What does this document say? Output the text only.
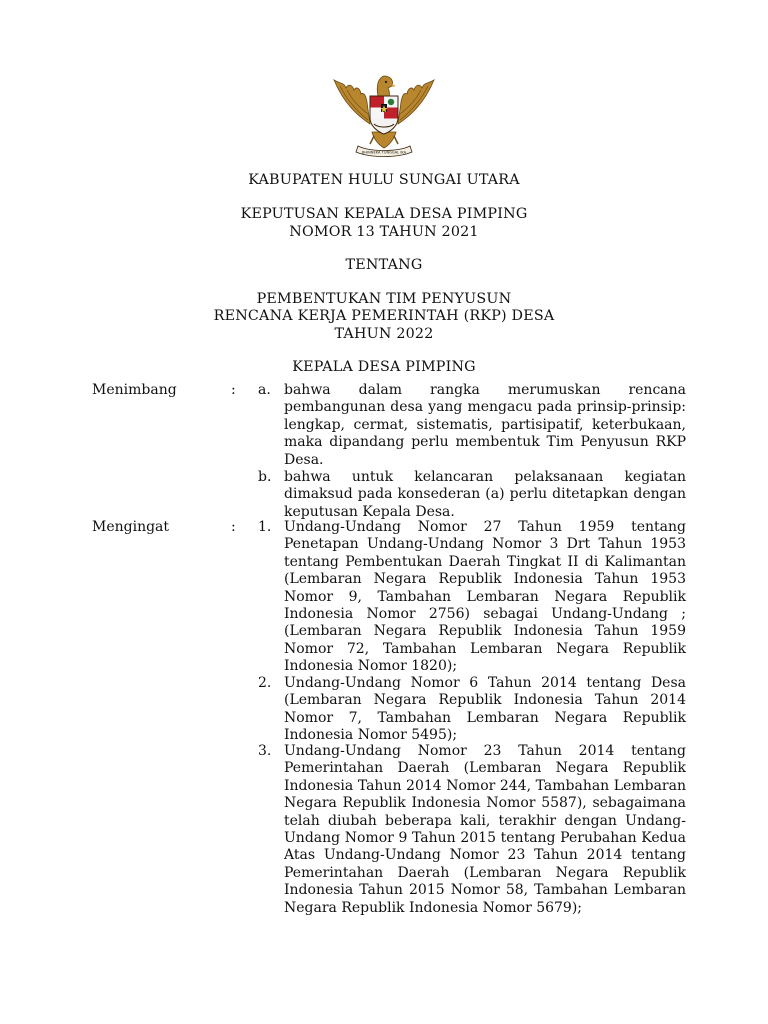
BHINNEKA TUNGGAL IKA
KABUPATEN HULU SUNGAI UTARA
KEPUTUSAN KEPALA DESA PIMPING
NOMOR 13 TAHUN 2021
TENTANG
PEMBENTUKAN TIM PENYUSUN
RENCANA KERJA PEMERINTAH (RKP) DESA
TAHUN 2022
KEPALA DESA PIMPING
Menimbang	: a. bahwa dalam rangka merumuskan rencana pembangunan desa yang mengacu pada prinsip-prinsip: lengkap, cermat, sistematis, partisipatif, keterbukaan, maka dipandang perlu membentuk Tim Penyusun RKP Desa.
b. bahwa untuk kelancaran pelaksanaan kegiatan dimaksud pada konsederan (a) perlu ditetapkan dengan keputusan Kepala Desa.
Mengingat	: 1. Undang-Undang Nomor 27 Tahun 1959 tentang Penetapan Undang-Undang Nomor 3 Drt Tahun 1953 tentang Pembentukan Daerah Tingkat II di Kalimantan (Lembaran Negara Republik Indonesia Tahun 1953 Nomor 9, Tambahan Lembaran Negara Republik Indonesia Nomor 2756) sebagai Undang-Undang ; (Lembaran Negara Republik Indonesia Tahun 1959 Nomor 72, Tambahan Lembaran Negara Republik Indonesia Nomor 1820);
2. Undang-Undang Nomor 6 Tahun 2014 tentang Desa (Lembaran Negara Republik Indonesia Tahun 2014 Nomor 7, Tambahan Lembaran Negara Republik Indonesia Nomor 5495);
3. Undang-Undang Nomor 23 Tahun 2014 tentang Pemerintahan Daerah (Lembaran Negara Republik Indonesia Tahun 2014 Nomor 244, Tambahan Lembaran Negara Republik Indonesia Nomor 5587), sebagaimana telah diubah beberapa kali, terakhir dengan Undang- Undang Nomor 9 Tahun 2015 tentang Perubahan Kedua Atas Undang-Undang Nomor 23 Tahun 2014 tentang Pemerintahan Daerah (Lembaran Negara Republik Indonesia Tahun 2015 Nomor 58, Tambahan Lembaran Negara Republik Indonesia Nomor 5679);
